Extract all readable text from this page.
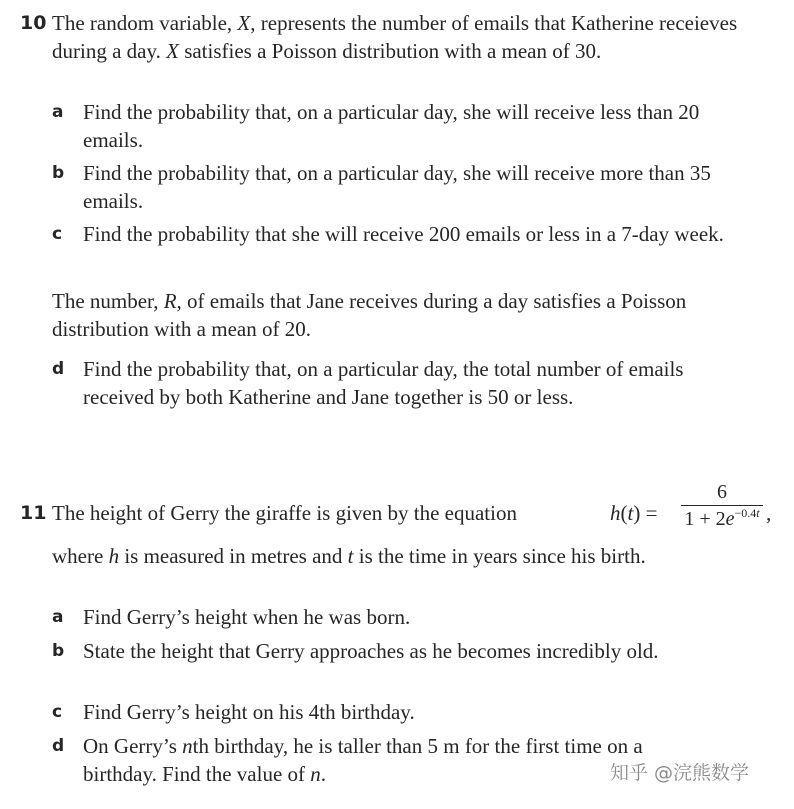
10 The random variable, X, represents the number of emails that Katherine receieves during a day. X satisfies a Poisson distribution with a mean of 30.
a Find the probability that, on a particular day, she will receive less than 20 emails.
b Find the probability that, on a particular day, she will receive more than 35 emails.
c Find the probability that she will receive 200 emails or less in a 7-day week.
The number, R, of emails that Jane receives during a day satisfies a Poisson distribution with a mean of 20.
d Find the probability that, on a particular day, the total number of emails received by both Katherine and Jane together is 50 or less.
11 The height of Gerry the giraffe is given by the equation	h(t) =
6
$1 + 2e^{-0.4t}$ ,
where h is measured in metres and t is the time in years since his birth.
a Find Gerry’s height when he was born.
b State the height that Gerry approaches as he becomes incredibly old.
c Find Gerry’s height on his 4th birthday.
d On Gerry’s nth birthday, he is taller than 5 m for the first time on a birthday. Find the value of n.	知乎 @浣熊数学
